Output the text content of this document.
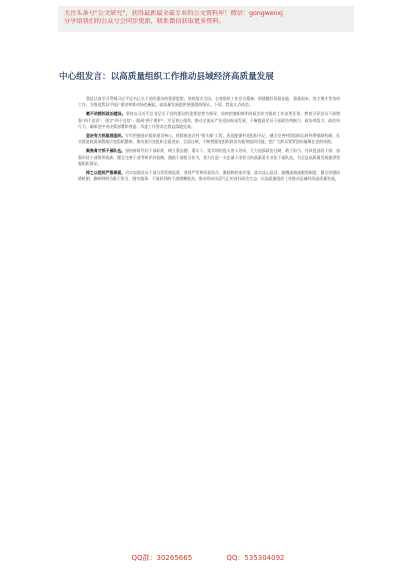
关注头条号"公文研究"，获得最新最全最专业的公文资料库！微信：gongwenxj
分享给我们的公众号会同步更新，联系微信获取更多资料。
中心组发言：以高质量组织工作推动县域经济高质量发展

我县认真学习贯彻习近平总书记关于党的建设的重要思想，坚持落实全国、全省组织工作会议精神，围绕做好选贤任能、强基固本、育才聚才等各项工作，为推进我县"四县"建设和推动绿色崛起、高质量发展提供坚强组织保证。下面，我谈几点体会。

毫不动摇抓政治建设。坚持以习近平总书记关于党的建设的重要思想为指导，始终把旗帜鲜明讲政治作为组织工作首要任务，教育引导党员干部增强"四个意识"、坚定"四个自信"、做到"两个维护"，牢记初心使命，推动全面从严治党向纵深发展，不断提高党员干部政治判断力、政治领悟力、政治执行力，确保党中央决策部署和省委、市委工作要求在我县落地见效。

坚决有力抓基层组织。牢牢把握基层组织建设核心，持续推进农村"领头雁"工程，选优配强村党组织书记，健全完善村级组织运转经费保障机制，扎实推进软弱涣散基层党组织整顿，推动基层党组织全面进步、全面过硬，不断增强党组织政治功能和组织功能，把广大群众紧紧团结凝聚在党的周围。

聚焦育才抓干部队伍。坚持新时代好干部标准，树立重品德、重实干、重实绩的选人用人导向，大力选拔政治过硬、敢于担当、作风优良的干部，加强年轻干部培养选拔，健全完善干部考核评价机制，激励干部担当作为，着力打造一支忠诚干净担当的高素质专业化干部队伍，为全县高质量发展提供坚强组织保证。

持之以恒抓严管厚爱。切实加强党员干部日常管理监督，坚持严管和厚爱结合、激励和约束并重，落实谈心谈话、提醒函询诫勉等制度，健全容错纠错机制，旗帜鲜明为敢于担当、踏实做事、不谋私利的干部撑腰鼓劲，推动形成风清气正的良好政治生态，以高质量组织工作推动县域经济高质量发展。

QQ群：30265665	QQ：535304092
